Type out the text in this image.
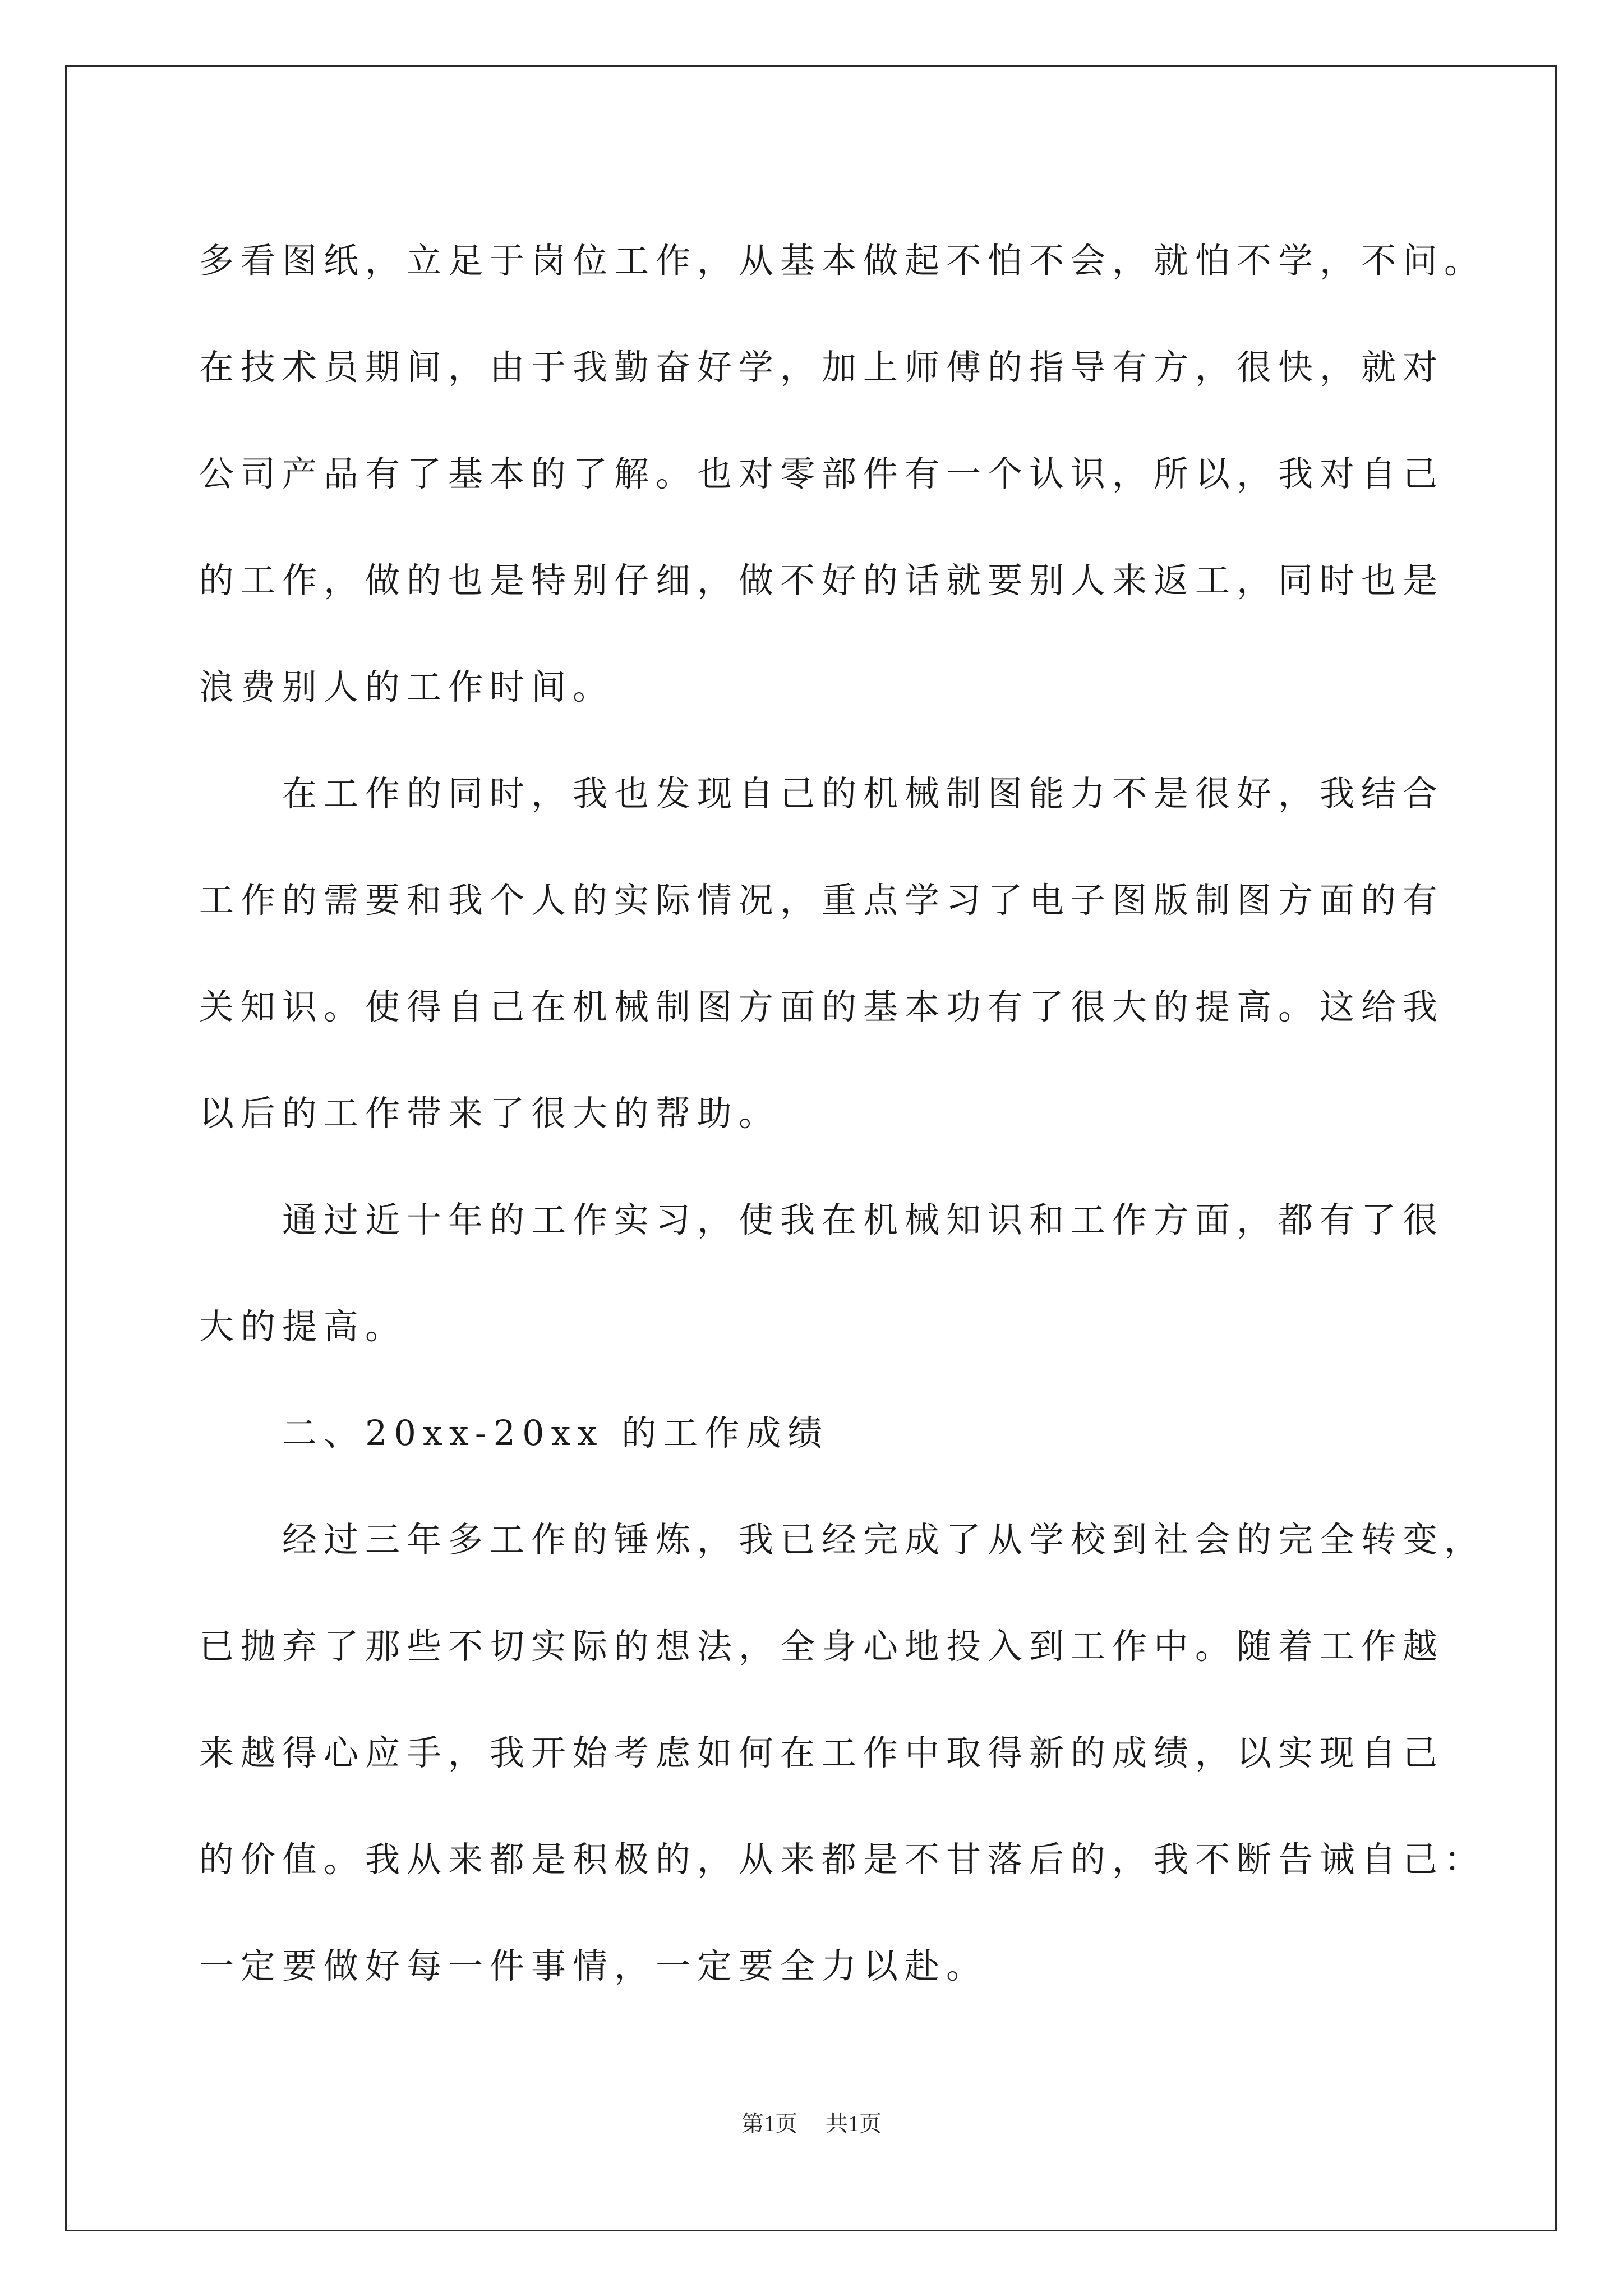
多看图纸，立足于岗位工作，从基本做起不怕不会，就怕不学，不问。

在技术员期间，由于我勤奋好学，加上师傅的指导有方，很快，就对

公司产品有了基本的了解。也对零部件有一个认识，所以，我对自己

的工作，做的也是特别仔细，做不好的话就要别人来返工，同时也是

浪费别人的工作时间。

在工作的同时，我也发现自己的机械制图能力不是很好，我结合

工作的需要和我个人的实际情况，重点学习了电子图版制图方面的有

关知识。使得自己在机械制图方面的基本功有了很大的提高。这给我

以后的工作带来了很大的帮助。

通过近十年的工作实习，使我在机械知识和工作方面，都有了很

大的提高。

二、20xx-20xx 的工作成绩

经过三年多工作的锤炼，我已经完成了从学校到社会的完全转变，

已抛弃了那些不切实际的想法，全身心地投入到工作中。随着工作越

来越得心应手，我开始考虑如何在工作中取得新的成绩，以实现自己

的价值。我从来都是积极的，从来都是不甘落后的，我不断告诫自己：

一定要做好每一件事情，一定要全力以赴。

第1页 共1页
